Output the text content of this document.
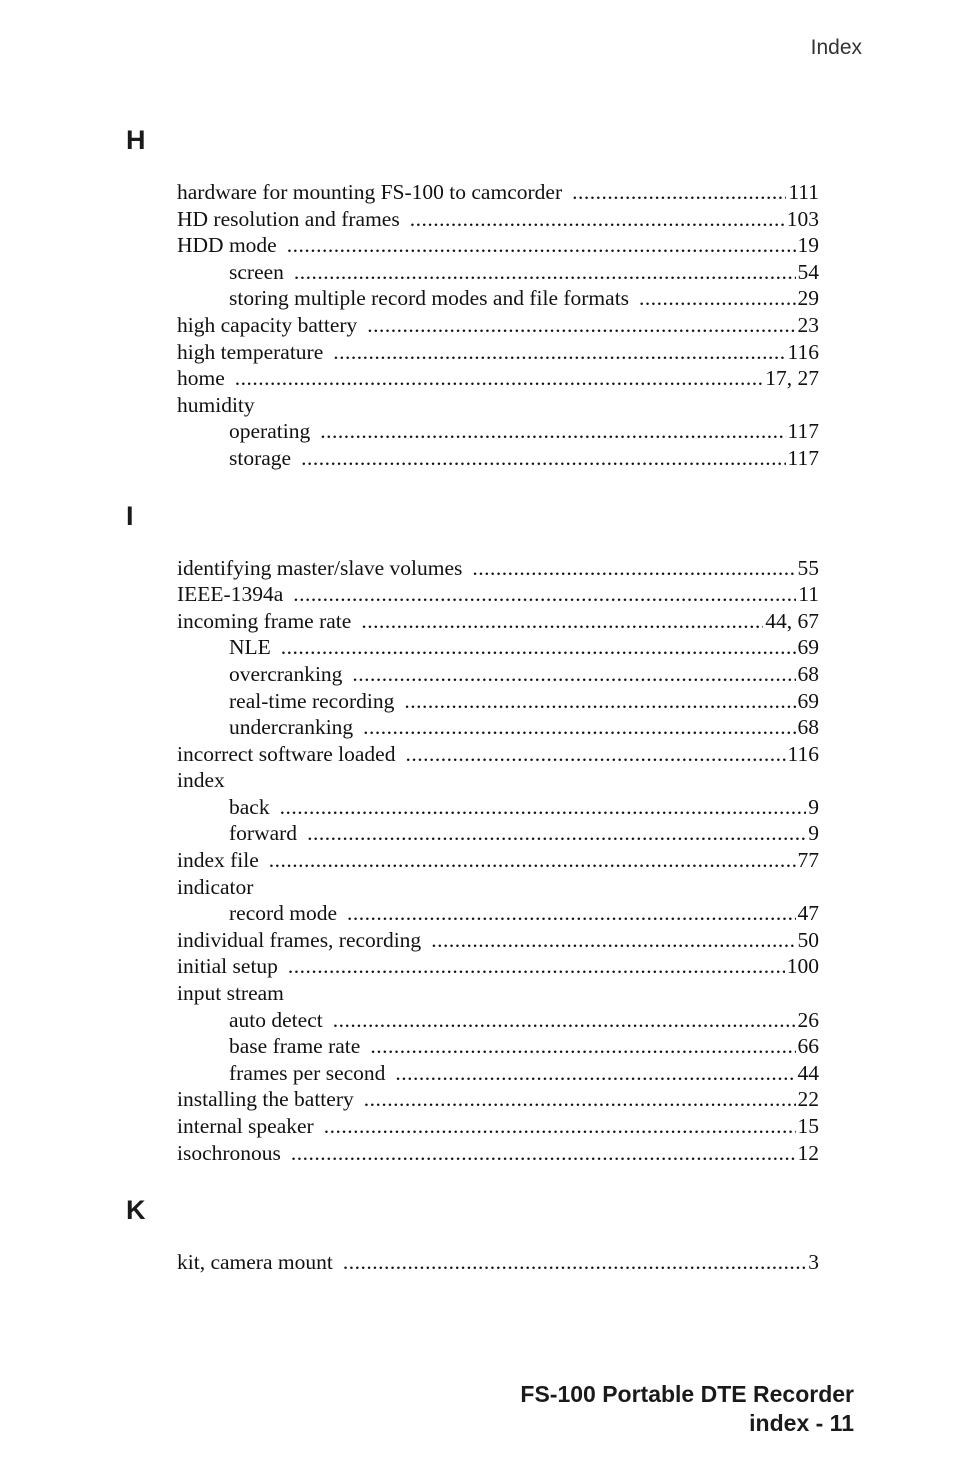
Index
H
hardware for mounting FS-100 to camcorder .....	111
HD resolution and frames .....	103
HDD mode .....	19
screen .....	54
storing multiple record modes and file formats .....	29
high capacity battery .....	23
high temperature .....	116
home .....	17, 27
humidity
operating .....	117
storage .....	117
I
identifying master/slave volumes .....	55
IEEE-1394a .....	11
incoming frame rate .....	44, 67
NLE .....	69
overcranking .....	68
real-time recording .....	69
undercranking .....	68
incorrect software loaded .....	116
index
back .....	9
forward .....	9
index file .....	77
indicator
record mode .....	47
individual frames, recording .....	50
initial setup .....	100
input stream
auto detect .....	26
base frame rate .....	66
frames per second .....	44
installing the battery .....	22
internal speaker .....	15
isochronous .....	12
K
kit, camera mount .....	3
FS-100 Portable DTE Recorder
index - 11
